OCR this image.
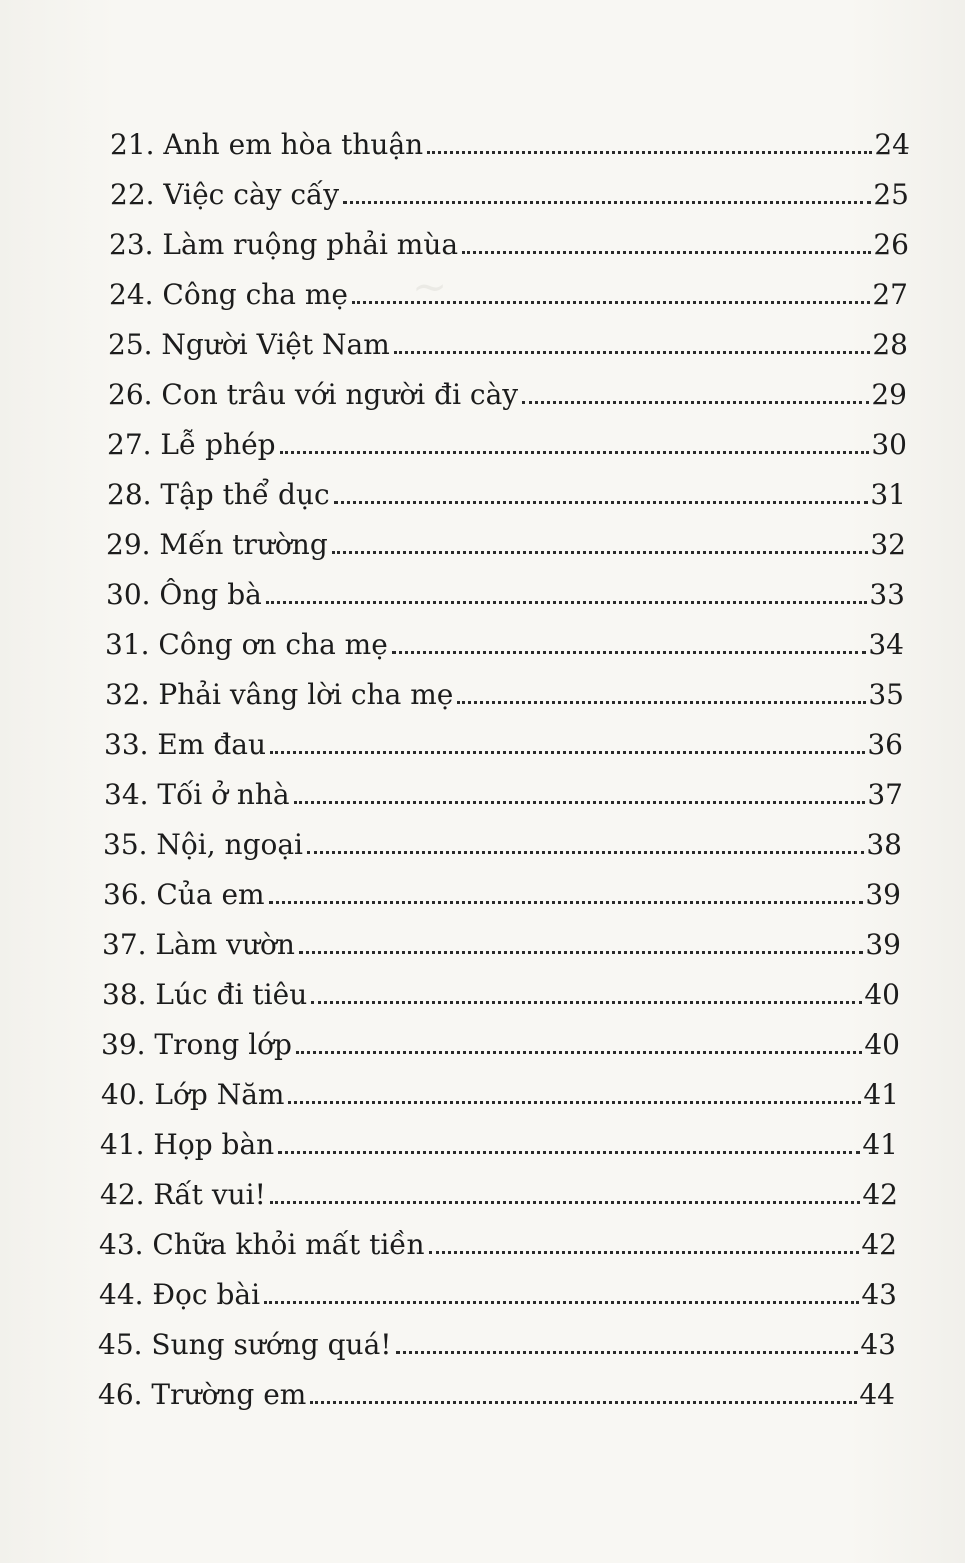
~
21. Anh em hòa thuận	24
22. Việc cày cấy	25
23. Làm ruộng phải mùa	26
24. Công cha mẹ	27
25. Người Việt Nam	28
26. Con trâu với người đi cày	29
27. Lễ phép	30
28. Tập thể dục	31
29. Mến trường	32
30. Ông bà	33
31. Công ơn cha mẹ	34
32. Phải vâng lời cha mẹ	35
33. Em đau	36
34. Tối ở nhà	37
35. Nội, ngoại	38
36. Của em	39
37. Làm vườn	39
38. Lúc đi tiêu	40
39. Trong lớp	40
40. Lớp Năm	41
41. Họp bàn	41
42. Rất vui!	42
43. Chữa khỏi mất tiền	42
44. Đọc bài	43
45. Sung sướng quá!	43
46. Trường em	44
